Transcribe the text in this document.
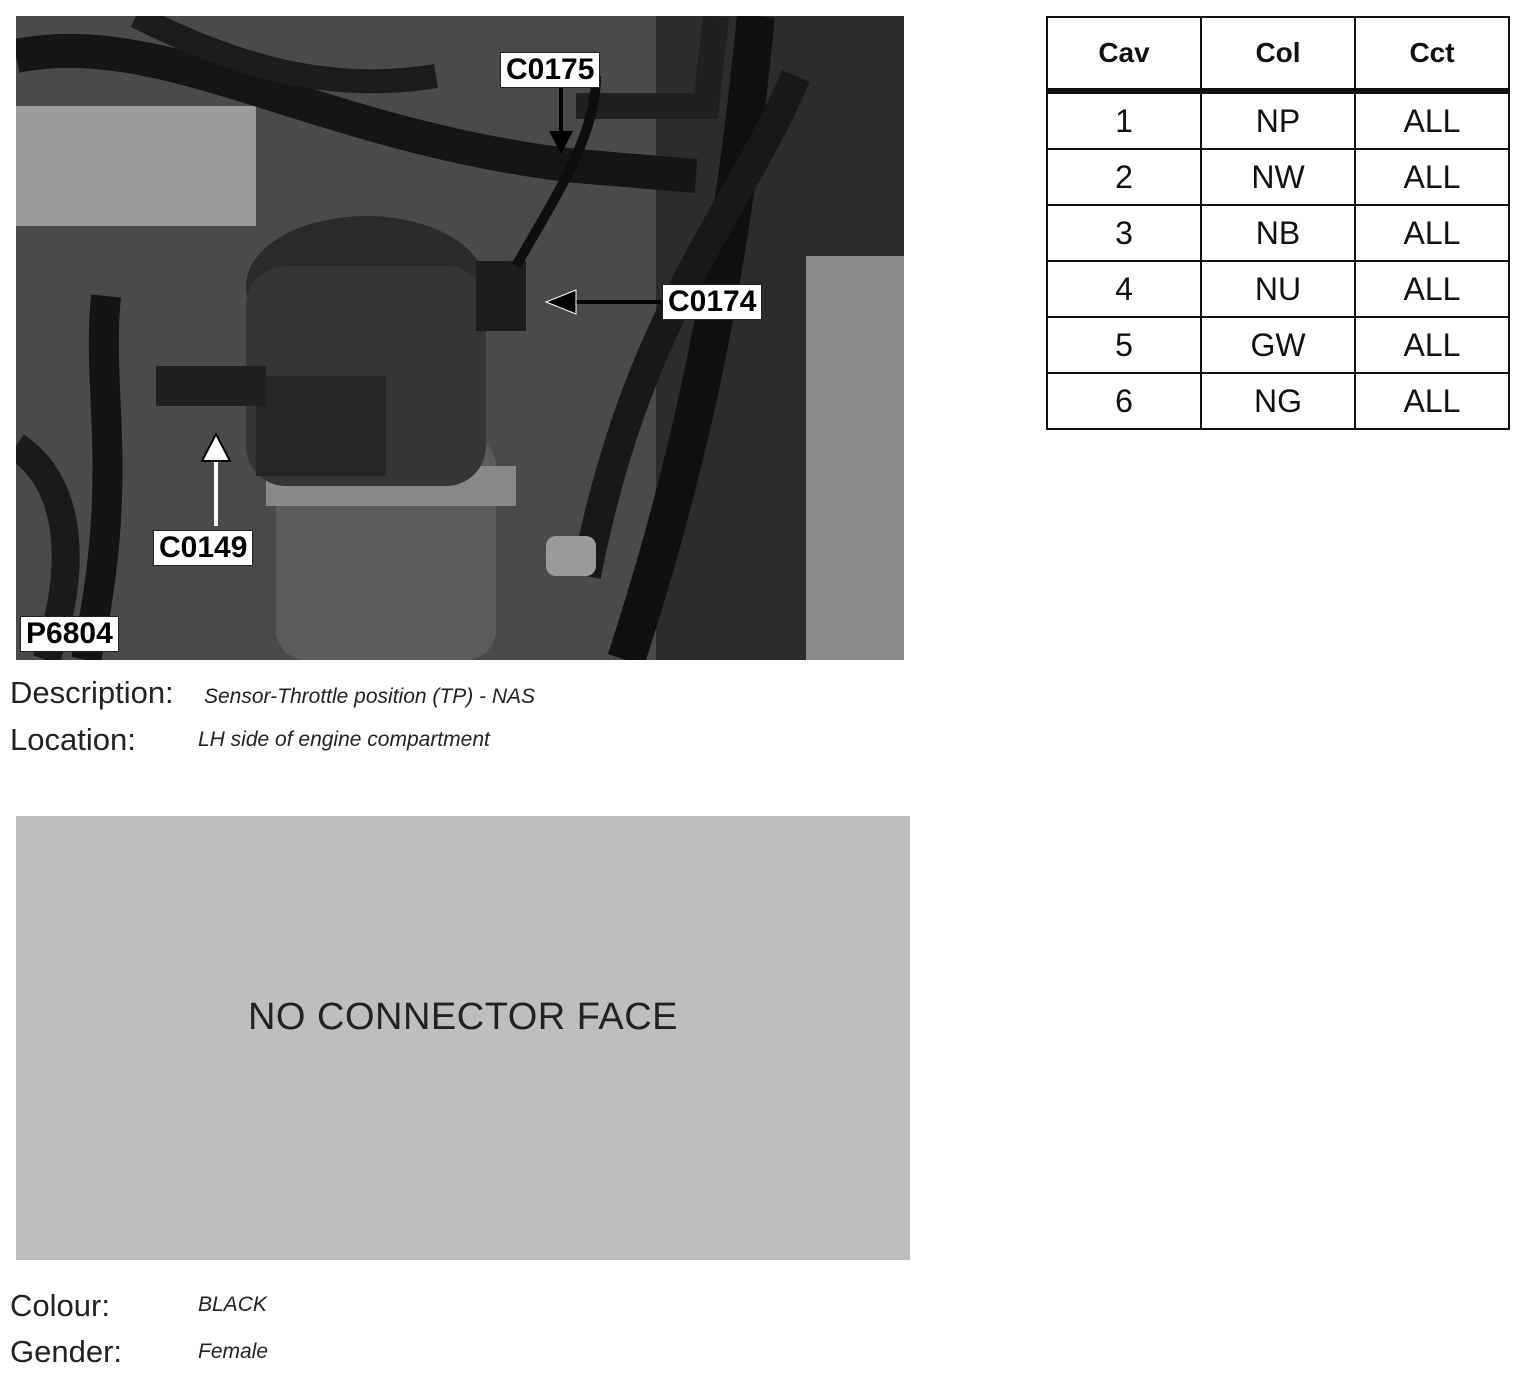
C0175
C0174
C0149
P6804
Description: Sensor-Throttle position (TP) - NAS
Location:	LH side of engine compartment
NO CONNECTOR FACE
Colour:	BLACK
Gender:	Female
Cav	Col	Cct
1	NP	ALL
2	NW	ALL
3	NB	ALL
4	NU	ALL
5	GW	ALL
6	NG	ALL
